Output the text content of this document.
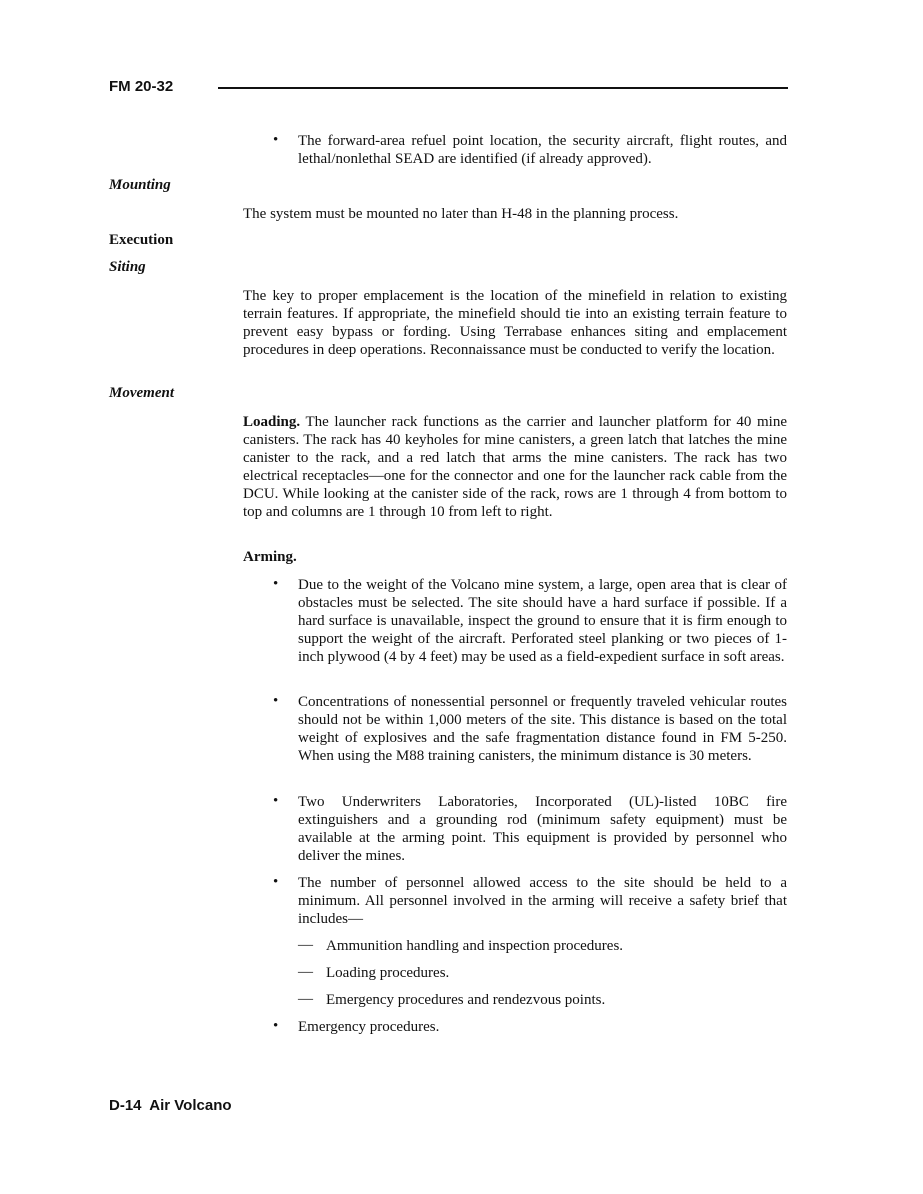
FM 20-32
• The forward-area refuel point location, the security aircraft, flight routes, and lethal/nonlethal SEAD are identified (if already approved).
Mounting
The system must be mounted no later than H-48 in the planning process.
Execution
Siting
The key to proper emplacement is the location of the minefield in relation to existing terrain features. If appropriate, the minefield should tie into an existing terrain feature to prevent easy bypass or fording. Using Terrabase enhances siting and emplacement procedures in deep operations. Reconnaissance must be conducted to verify the location.
Movement
Loading. The launcher rack functions as the carrier and launcher platform for 40 mine canisters. The rack has 40 keyholes for mine canisters, a green latch that latches the mine canister to the rack, and a red latch that arms the mine canisters. The rack has two electrical receptacles—one for the connector and one for the launcher rack cable from the DCU. While looking at the canister side of the rack, rows are 1 through 4 from bottom to top and columns are 1 through 10 from left to right.
Arming.
• Due to the weight of the Volcano mine system, a large, open area that is clear of obstacles must be selected. The site should have a hard surface if possible. If a hard surface is unavailable, inspect the ground to ensure that it is firm enough to support the weight of the aircraft. Perforated steel planking or two pieces of 1-inch plywood (4 by 4 feet) may be used as a field-expedient surface in soft areas.
• Concentrations of nonessential personnel or frequently traveled vehicular routes should not be within 1,000 meters of the site. This distance is based on the total weight of explosives and the safe fragmentation distance found in FM 5-250. When using the M88 training canisters, the minimum distance is 30 meters.
• Two Underwriters Laboratories, Incorporated (UL)-listed 10BC fire extinguishers and a grounding rod (minimum safety equipment) must be available at the arming point. This equipment is provided by personnel who deliver the mines.
• The number of personnel allowed access to the site should be held to a minimum. All personnel involved in the arming will receive a safety brief that includes—
— Ammunition handling and inspection procedures.
— Loading procedures.
— Emergency procedures and rendezvous points.
• Emergency procedures.
D-14  Air Volcano
